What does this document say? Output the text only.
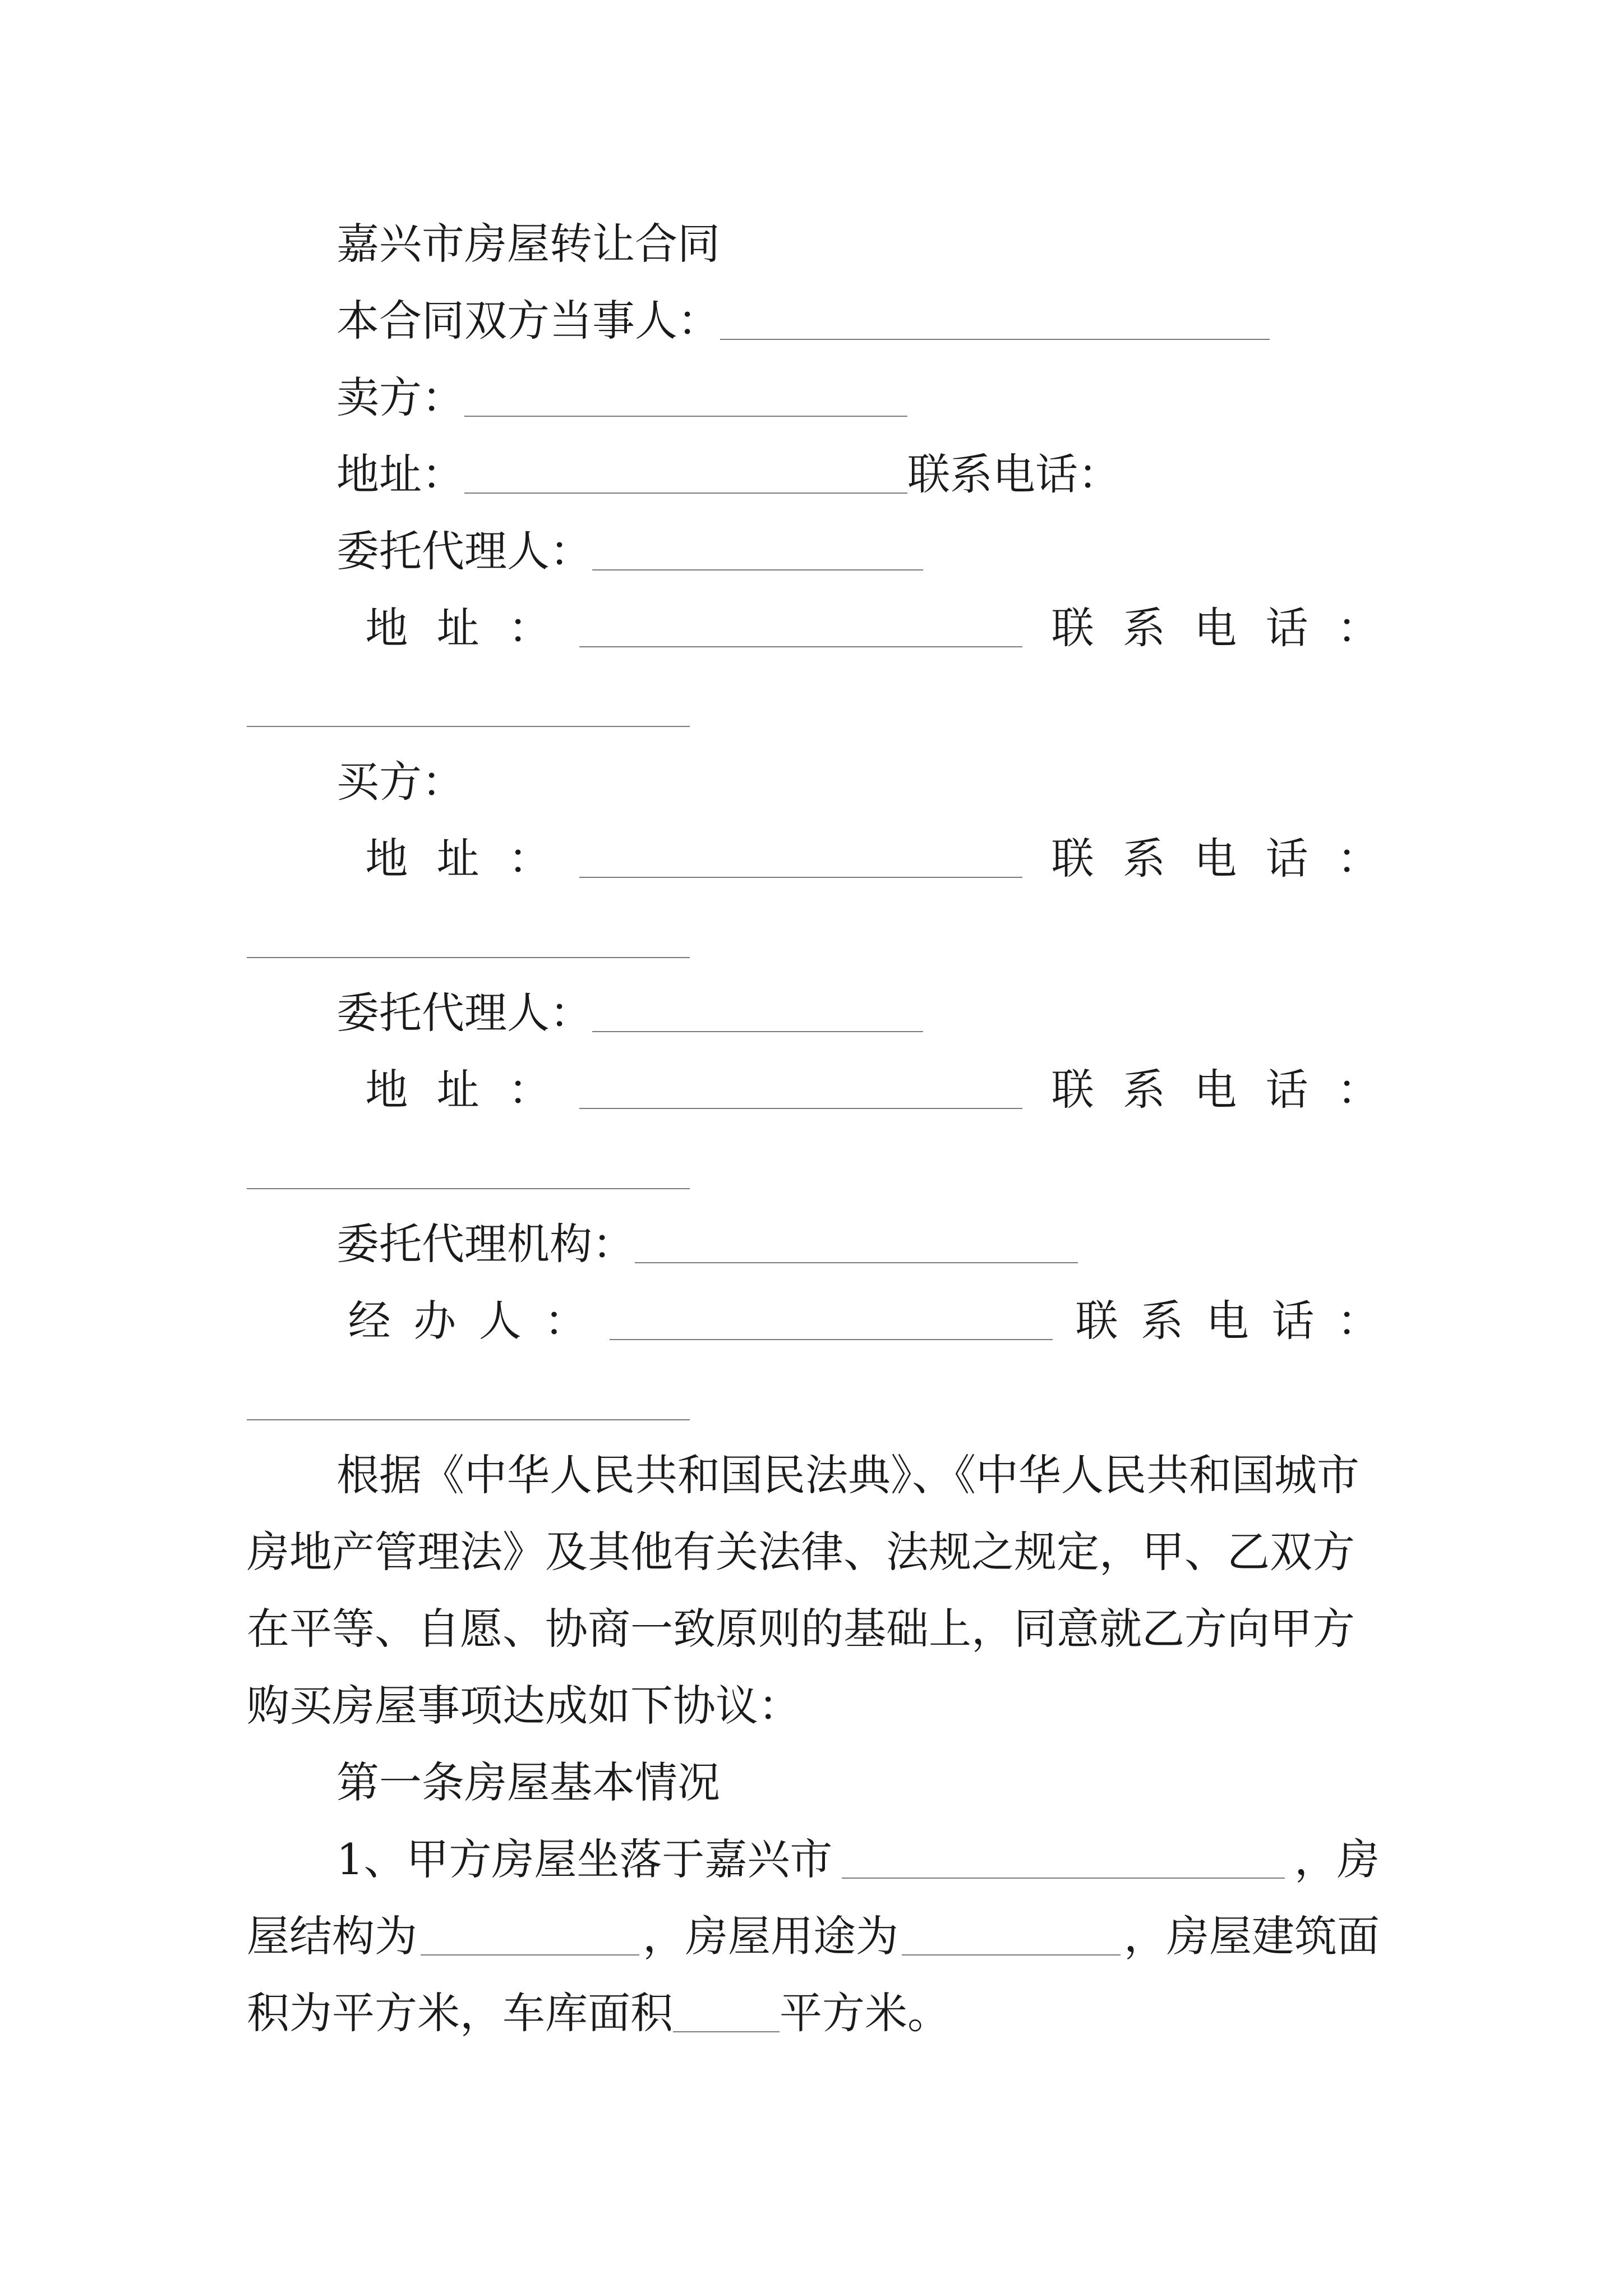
嘉兴市房屋转让合同
本合同双方当事人：
卖方：
地址：	联系电话：
委托代理人：
地 址 ：	联 系 电 话 ：
买方：
地 址 ：	联 系 电 话 ：
委托代理人：
地 址 ：	联 系 电 话 ：
委托代理机构：
经 办 人 ：	联 系 电 话 ：
根据《中华人民共和国民法典》、《中华人民共和国城市
房地产管理法》及其他有关法律、法规之规定，甲、乙双方
在平等、自愿、协商一致原则的基础上，同意就乙方向甲方
购买房屋事项达成如下协议：
第一条房屋基本情况
1、甲方房屋坐落于嘉兴市	，房
屋结构为	，房屋用途为	，房屋建筑面
积为平方米，车库面积	平方米。
